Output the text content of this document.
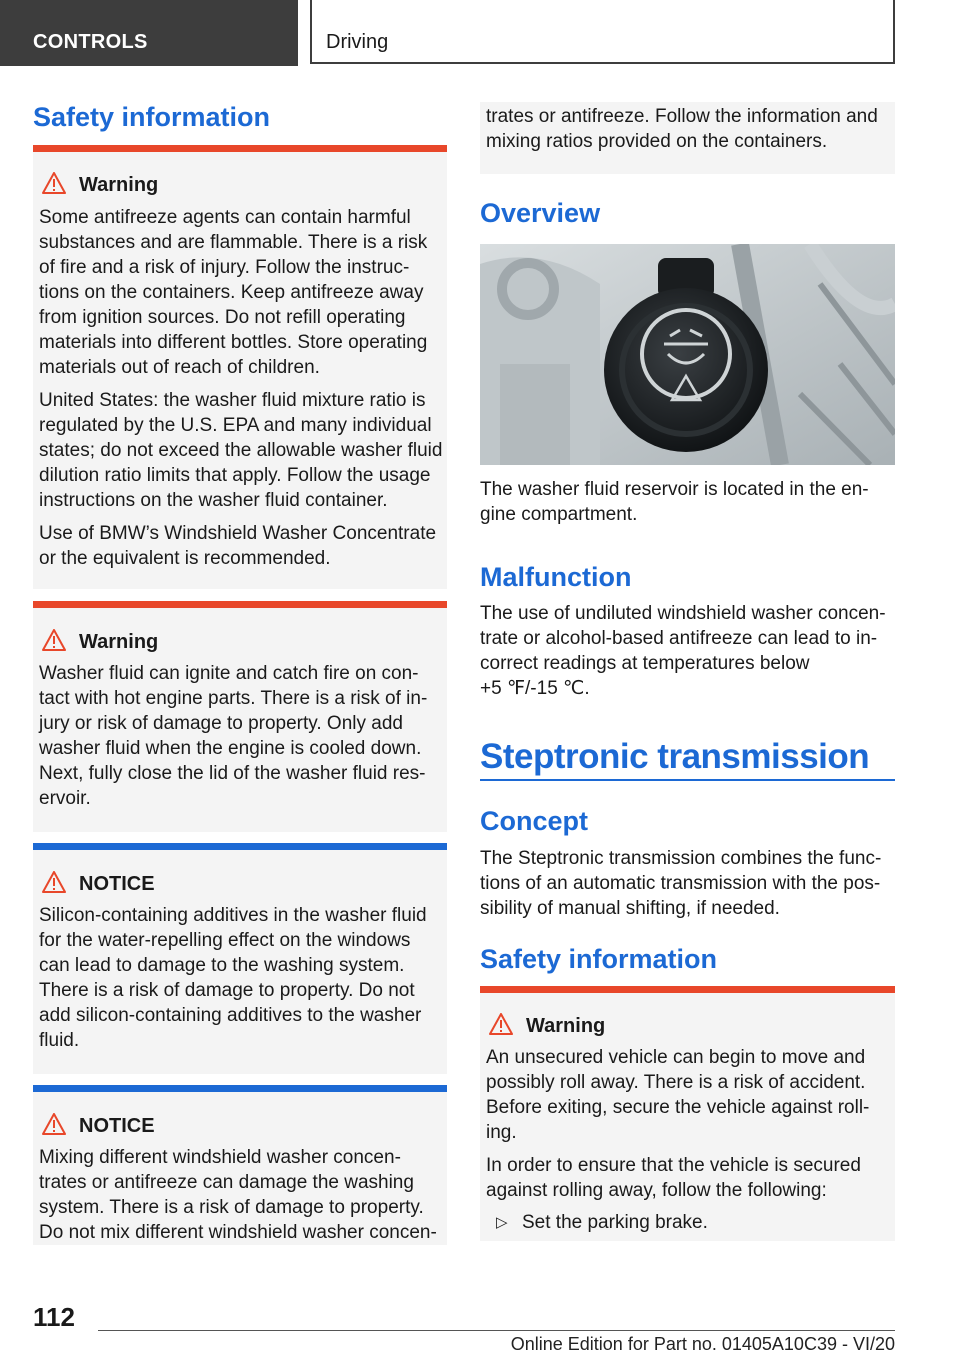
CONTROLS	Driving
Safety information
Warning

Some antifreeze agents can contain harmful
substances and are flammable. There is a risk
of fire and a risk of injury. Follow the instruc‐
tions on the containers. Keep antifreeze away
from ignition sources. Do not refill operating
materials into different bottles. Store operating
materials out of reach of children.

United States: the washer fluid mixture ratio is
regulated by the U.S. EPA and many individual
states; do not exceed the allowable washer fluid
dilution ratio limits that apply. Follow the usage
instructions on the washer fluid container.

Use of BMW’s Windshield Washer Concentrate
or the equivalent is recommended.

Warning

Washer fluid can ignite and catch fire on con‐
tact with hot engine parts. There is a risk of in‐
jury or risk of damage to property. Only add
washer fluid when the engine is cooled down.
Next, fully close the lid of the washer fluid res‐
ervoir.

NOTICE

Silicon-containing additives in the washer fluid
for the water-repelling effect on the windows
can lead to damage to the washing system.
There is a risk of damage to property. Do not
add silicon-containing additives to the washer
fluid.

NOTICE

Mixing different windshield washer concen‐
trates or antifreeze can damage the washing
system. There is a risk of damage to property.
Do not mix different windshield washer concen‐

trates or antifreeze. Follow the information and
mixing ratios provided on the containers.

Overview

The washer fluid reservoir is located in the en‐
gine compartment.

Malfunction

The use of undiluted windshield washer concen‐
trate or alcohol-based antifreeze can lead to in‐
correct readings at temperatures below
+5 ℉/-15 ℃.

Steptronic transmission
Concept

The Steptronic transmission combines the func‐
tions of an automatic transmission with the pos‐
sibility of manual shifting, if needed.

Safety information
Warning

An unsecured vehicle can begin to move and
possibly roll away. There is a risk of accident.
Before exiting, secure the vehicle against roll‐
ing.

In order to ensure that the vehicle is secured
against rolling away, follow the following:

▷ Set the parking brake.
112
Online Edition for Part no. 01405A10C39 - VI/20
